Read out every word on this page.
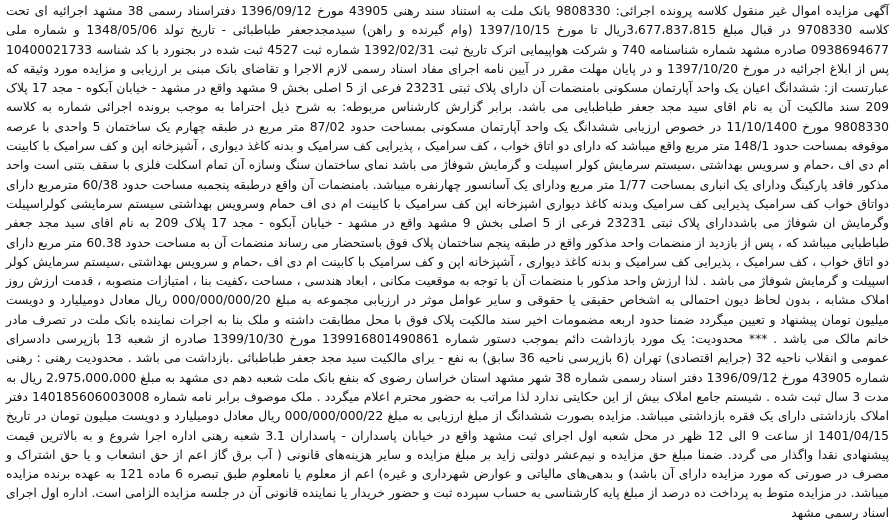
آگهی مزایده اموال غیر منقول کلاسه پرونده اجرائی: 9808330 بانک ملت به استناد سند رهنی 43905 مورخ 1396/09/12 دفتراسناد رسمی 38 مشهد اجرائیه ای تحت کلاسه 9708330 در قبال مبلغ 3،677،837،815ریال تا مورخ 1397/10/15 (وام گیرنده و راهن) سیدمجدجعفر طباطبائی - تاریخ تولد 1348/05/06 و شماره ملی 0938694677 صادره مشهد شماره شناسنامه 740 و شرکت هواپیمایی اترک تاریخ ثبت 1392/02/31 شماره ثبت 4527 ثبت شده در بجنورد با کد شناسه 10400021733 پس از ابلاغ اجرائیه در مورخ 1397/10/20 و در پایان مهلت مقرر در آیین نامه اجرای مفاد اسناد رسمی لازم الاجرا و تقاضای بانک مبنی بر ارزیابی و مزایده مورد وثیقه که عبارتست از: ششدانگ اعیان یک واحد آپارتمان مسکونی بامنضمات آن دارای پلاک ثبتی 23231 فرعی از 5 اصلی بخش 9 مشهد واقع در مشهد - خیابان آبکوه - مجد 17 پلاک 209 سند مالکیت آن به نام اقای سید مجد جعفر طباطبایی می باشد. برابر گزارش کارشناس مربوطه: به شرح ذیل احتراما به موجب برونده اجرائی شماره به کلاسه 9808330 مورخ 11/10/1400 در خصوص ارزیابی ششدانگ یک واحد آپارتمان مسکونی بمساحت حدود 87/02 متر مربع در طبقه چهارم یک ساختمان 5 واحدی با عرصه موقوفه بمساحت حدود 148/1 متر مربع واقع میباشد که دارای دو اتاق خواب ، کف سرامیک ، پذیرایی کف سرامیک و بدنه کاغذ دیواری ، آشپزخانه اپن و کف سرامیک با کابینت ام دی اف ،حمام و سرویس بهداشتی ،سیستم سرمایش کولر اسپیلت و گرمایش شوفاژ می باشد نمای ساختمان سنگ وسازه آن تمام اسکلت فلزی با سقف بتنی است واحد مذکور فاقد پارکینگ ودارای یک انباری بمساحت 1/77 متر مربع ودارای یک آسانسور چهارنفره میباشد. بامنضمات آن واقع درطبقه پنجمبه مساحت حدود 60/38 مترمربع دارای دواتاق خواب کف سرامیک پذیرایی کف سرامیک وبدنه کاغذ دیواری اشپزخانه اپن کف سرامیک با کابینت ام دی اف حمام وسرویس بهداشتی سیستم سرمایشی کولراسپیلت وگرمایش ان شوفاژ می باشددارای پلاک ثبتی 23231 فرعی از 5 اصلی بخش 9 مشهد واقع در مشهد - خیابان آبکوه - مجد 17 پلاک 209 به نام اقای سید مجد جعفر طباطبایی میباشد که ، پس از بازدید از منضمات واحد مذکور واقع در طبقه پنجم ساختمان پلاک فوق باستحضار می رساند منضمات آن به مساحت حدود 60.38 متر مربع دارای دو اتاق خواب ، کف سرامیک ، پذیرایی کف سرامیک و بدنه کاغذ دیواری ، آشپزخانه اپن و کف سرامیک با کابینت ام دی اف ،حمام و سرویس بهداشتی ،سیستم سرمایش کولر اسپیلت و گرمایش شوفاژ می باشد . لذا ارزش واحد مذکور با منضمات آن با توجه به موقعیت مکانی ، ابعاد هندسی ، مساحت ،کفیت بنا ، امتیازات منصوبه ، قدمت ارزش روز املاک مشابه ، بدون لحاظ دیون احتمالی به اشخاص حقیقی یا حقوقی و سایر عوامل موثر در ارزیابی مجموعه به مبلغ 000/000/000/20 ریال معادل دومیلیارد و دویست میلیون تومان پیشنهاد و تعیین میگردد ضمنا حدود اربعه مضمومات اخیر سند مالکیت پلاک فوق با محل مطابقت داشته و ملک بنا به اجرات نماینده بانک ملت در تصرف مادر خانم مالک می باشد . *** محدودیت: یک مورد بازداشت دائم بموجب دستور شماره 139916801490861 مورخ 1399/10/30 صادره از شعبه 13 بازپرسی دادسرای عمومی و انقلاب ناحیه 32 (جرایم اقتصادی) تهران (6 بازپرسی ناحیه 36 سابق) به نفع - برای مالکیت سید مجد جعفر طباطبائی .بازداشت می باشد . محدودیت رهنی : رهنی شماره 43905 مورخ 1396/09/12 دفتر اسناد رسمی شماره 38 شهر مشهد استان خراسان رضوی که بنفع بانک ملت شعبه دهم دی مشهد به مبلغ 2،975،000،000 ریال به مدت 3 سال ثبت شده . شیستم جامع املاک بیش از این حکایتی ندارد لذا مراتب به حضور محترم اعلام میگردد . ملک موصوف برابر نامه شماره 140185606003008 دفتر املاک بازداشتی دارای یک فقره بازداشتی میباشد. مزایده بصورت ششدانگ از مبلغ ارزیابی به مبلغ 000/000/000/22 ریال معادل دومیلیارد و دویست میلیون تومان در تاریخ 1401/04/15 از ساعت 9 الی 12 ظهر در محل شعبه اول اجرای ثبت مشهد واقع در خیابان پاسداران - پاسداران 3.1 شعبه رهنی اداره اجرا شروع و به بالاترین قیمت پیشنهادی نقدا واگذار می گردد. ضمنا مبلغ حق مزایده و نیم‌عشر دولتی زاید بر مبلغ مزایده و سایر هزینه‌های قانونی ( آب برق گاز اعم از حق انشعاب و یا حق اشتراک و مصرف در صورتی که مورد مزایده دارای آن باشد) و بدهی‌های مالیاتی و عوارض شهرداری و غیره) اعم از معلوم یا نامعلوم طبق تبصره 6 ماده 121 به عهده برنده مزایده میباشد. در مزایده متوط به پرداخت ده درصد از مبلغ پایه کارشناسی به حساب سپرده ثبت و حضور خریدار یا نماینده قانونی آن در جلسه مزایده الزامی است. اداره اول اجرای اسناد رسمی مشهد
